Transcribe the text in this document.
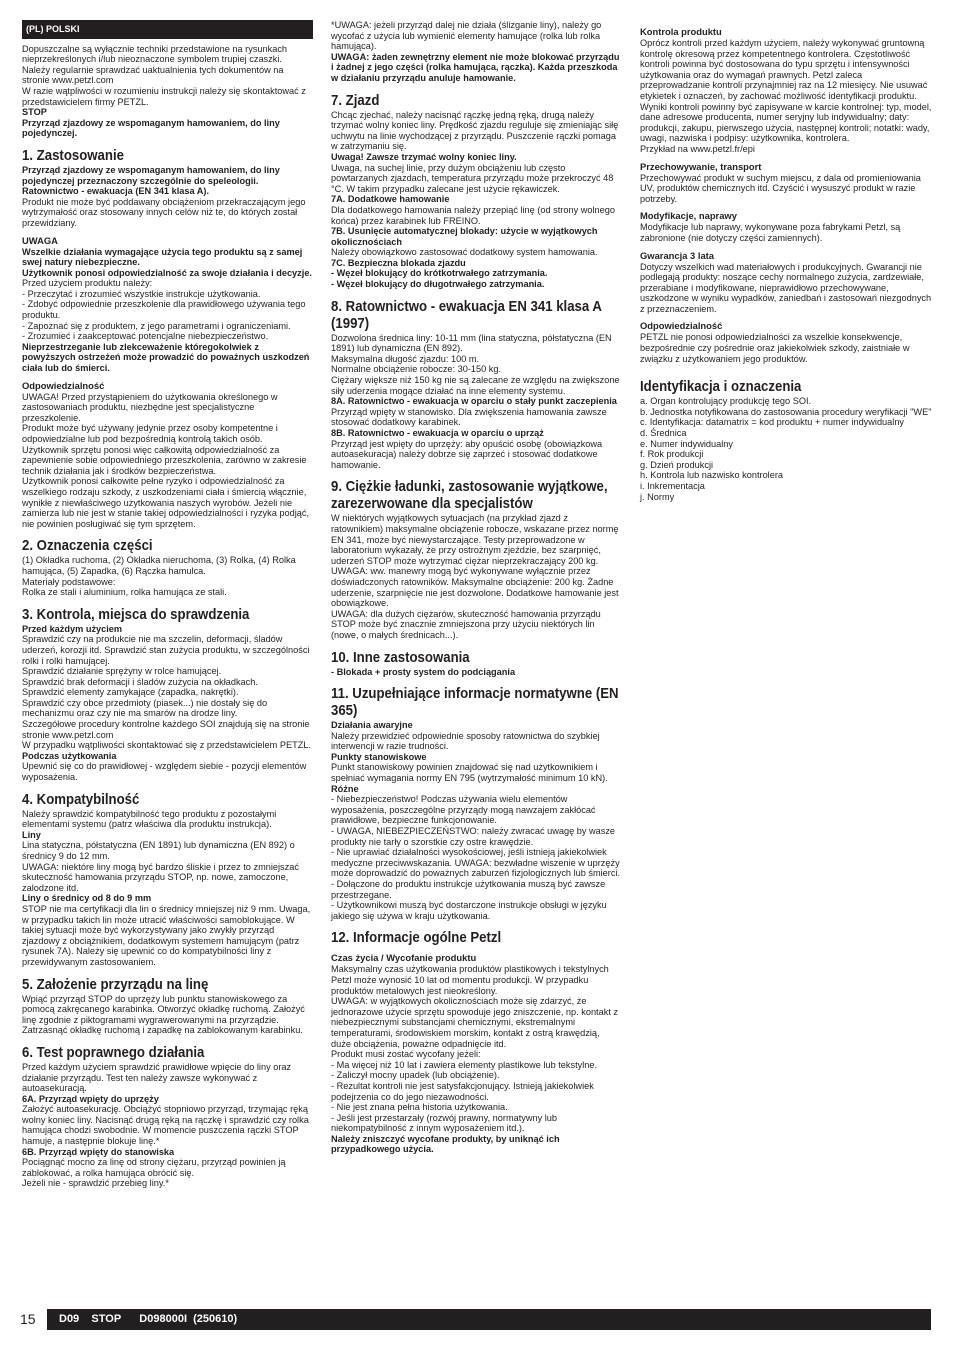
(PL) POLSKI

Dopuszczalne są wyłącznie techniki przedstawione na rysunkach nieprzekreślonych i/lub nieoznaczone symbolem trupiej czaszki.

Należy regularnie sprawdzać uaktualnienia tych dokumentów na stronie www.petzl.com

W razie wątpliwości w rozumieniu instrukcji należy się skontaktować z przedstawicielem firmy PETZL.

STOP

Przyrząd zjazdowy ze wspomaganym hamowaniem, do liny pojedynczej.

1. Zastosowanie

Przyrząd zjazdowy ze wspomaganym hamowaniem, do liny pojedynczej przeznaczony szczególnie do speleologii.

Ratownictwo - ewakuacja (EN 341 klasa A).

Produkt nie może być poddawany obciążeniom przekraczającym jego wytrzymałość oraz stosowany innych celów niż te, do których został przewidziany.

UWAGA

Wszelkie działania wymagające użycia tego produktu są z samej swej natury niebezpieczne.

Użytkownik ponosi odpowiedzialność za swoje działania i decyzje.

Przed użyciem produktu należy:

- Przeczytać i zrozumieć wszystkie instrukcje użytkowania.

- Zdobyć odpowiednie przeszkolenie dla prawidłowego używania tego produktu.

- Zapoznać się z produktem, z jego parametrami i ograniczeniami.

- Zrozumieć i zaakceptować potencjalne niebezpieczeństwo.

Nieprzestrzeganie lub zlekceważenie któregokolwiek z powyższych ostrzeżeń może prowadzić do poważnych uszkodzeń ciała lub do śmierci.

Odpowiedzialność

UWAGA! Przed przystąpieniem do użytkowania określonego w zastosowaniach produktu, niezbędne jest specjalistyczne przeszkolenie.

Produkt może być używany jedynie przez osoby kompetentne i odpowiedzialne lub pod bezpośrednią kontrolą takich osób.

Użytkownik sprzętu ponosi więc całkowitą odpowiedzialność za zapewnienie sobie odpowiedniego przeszkolenia, zarówno w zakresie technik działania jak i środków bezpieczeństwa.

Użytkownik ponosi całkowite pełne ryzyko i odpowiedzialność za wszelkiego rodzaju szkody, z uszkodzeniami ciała i śmiercią włącznie, wynikłe z niewłaściwego użytkowania naszych wyrobów. Jeżeli nie zamierza lub nie jest w stanie takiej odpowiedzialności i ryzyka podjąć, nie powinien posługiwać się tym sprzętem.

2. Oznaczenia części

(1) Okładka ruchoma, (2) Okładka nieruchoma, (3) Rolka, (4) Rolka hamująca, (5) Zapadka, (6) Rączka hamulca.

Materiały podstawowe:

Rolka ze stali i aluminium, rolka hamująca ze stali.

3. Kontrola, miejsca do sprawdzenia

Przed każdym użyciem

Sprawdzić czy na produkcie nie ma szczelin, deformacji, śladów uderzeń, korozji itd. Sprawdzić stan zużycia produktu, w szczególności rolki i rolki hamującej.

Sprawdzić działanie sprężyny w rolce hamującej.

Sprawdzić brak deformacji i śladów zużycia na okładkach.

Sprawdzić elementy zamykające (zapadka, nakrętki).

Sprawdzić czy obce przedmioty (piasek...) nie dostały się do mechanizmu oraz czy nie ma smarów na drodze liny.

Szczegółowe procedury kontrolne każdego SOI znajdują się na stronie stronie www.petzl.com

W przypadku wątpliwości skontaktować się z przedstawicielem PETZL.

Podczas użytkowania

Upewnić się co do prawidłowej - względem siebie - pozycji elementów wyposażenia.

4. Kompatybilność

Należy sprawdzić kompatybilność tego produktu z pozostałymi elementami systemu (patrz właściwa dla produktu instrukcja).

Liny

Lina statyczna, półstatyczna (EN 1891) lub dynamiczna (EN 892) o średnicy 9 do 12 mm.

UWAGA: niektóre liny mogą być bardzo śliskie i przez to zmniejszać skuteczność hamowania przyrządu STOP, np. nowe, zamoczone, zalodzone itd.

Liny o średnicy od 8 do 9 mm

STOP nie ma certyfikacji dla lin o średnicy mniejszej niż 9 mm. Uwaga, w przypadku takich lin może utracić właściwości samoblokujące. W takiej sytuacji może być wykorzystywany jako zwykły przyrząd zjazdowy z obciążnikiem, dodatkowym systemem hamującym (patrz rysunek 7A). Należy się upewnić co do kompatybilności liny z przewidywanym zastosowaniem.

5. Założenie przyrządu na linę

Wpiąć przyrząd STOP do uprzęży lub punktu stanowiskowego za pomocą zakręcanego karabinka. Otworzyć okładkę ruchomą. Założyć linę zgodnie z piktogramami wygrawerowanymi na przyrządzie. Zatrzasnąć okładkę ruchomą i zapadkę na zablokowanym karabinku.

6. Test poprawnego działania

Przed każdym użyciem sprawdzić prawidłowe wpięcie do liny oraz działanie przyrządu. Test ten należy zawsze wykonywać z autoasekuracją.

6A. Przyrząd wpięty do uprzęży

Założyć autoasekurację. Obciążyć stopniowo przyrząd, trzymając ręką wolny koniec liny. Nacisnąć drugą ręką na rączkę i sprawdzić czy rolka hamująca chodzi swobodnie. W momencie puszczenia rączki STOP hamuje, a następnie blokuje linę.*

6B. Przyrząd wpięty do stanowiska

Pociągnąć mocno za linę od strony ciężaru, przyrząd powinien ją zablokować, a rolka hamująca obrócić się.

Jeżeli nie - sprawdzić przebieg liny.*

*UWAGA: jeżeli przyrząd dalej nie działa (ślizganie liny), należy go wycofać z użycia lub wymienić elementy hamujące (rolka lub rolka hamująca).

UWAGA: żaden zewnętrzny element nie może blokować przyrządu i żadnej z jego części (rolka hamująca, rączka). Każda przeszkoda w działaniu przyrządu anuluje hamowanie.

7. Zjazd

Chcąc zjechać, należy nacisnąć rączkę jedną ręką, drugą należy trzymać wolny koniec liny. Prędkość zjazdu reguluje się zmieniając siłę uchwytu na linie wychodzącej z przyrządu. Puszczenie rączki pomaga w zatrzymaniu się.

Uwaga! Zawsze trzymać wolny koniec liny.

Uwaga, na suchej linie, przy dużym obciążeniu lub często powtarzanych zjazdach, temperatura przyrządu może przekroczyć 48 °C. W takim przypadku zalecane jest użycie rękawiczek.

7A. Dodatkowe hamowanie

Dla dodatkowego hamowania należy przepiąć linę (od strony wolnego końca) przez karabinek lub FREINO.

7B. Usunięcie automatycznej blokady: użycie w wyjątkowych okolicznościach

Należy obowiązkowo zastosować dodatkowy system hamowania.

7C. Bezpieczna blokada zjazdu

- Węzeł blokujący do krótkotrwałego zatrzymania.

- Węzeł blokujący do długotrwałego zatrzymania.

8. Ratownictwo - ewakuacja EN 341 klasa A (1997)

Dozwolona średnica liny: 10-11 mm (lina statyczna, półstatyczna (EN 1891) lub dynamiczna (EN 892).

Maksymalna długość zjazdu: 100 m.

Normalne obciążenie robocze: 30-150 kg.

Ciężary większe niż 150 kg nie są zalecane ze względu na zwiększone siły uderzenia mogące działać na inne elementy systemu.

8A. Ratownictwo - ewakuacja w oparciu o stały punkt zaczepienia

Przyrząd wpięty w stanowisko. Dla zwiększenia hamowania zawsze stosować dodatkowy karabinek.

8B. Ratownictwo - ewakuacja w oparciu o uprząż

Przyrząd jest wpięty do uprzęży: aby opuścić osobę (obowiązkowa autoasekuracja) należy dobrze się zaprzeć i stosować dodatkowe hamowanie.

9. Ciężkie ładunki, zastosowanie wyjątkowe, zarezerwowane dla specjalistów

W niektórych wyjątkowych sytuacjach (na przykład zjazd z ratownikiem) maksymalne obciążenie robocze, wskazane przez normę EN 341, może być niewystarczające. Testy przeprowadzone w laboratorium wykazały, że przy ostrożnym zjeździe, bez szarpnięć, uderzeń STOP może wytrzymać ciężar nieprzekraczający 200 kg.

UWAGA: ww. manewry mogą być wykonywane wyłącznie przez doświadczonych ratowników. Maksymalne obciążenie: 200 kg. Żadne uderzenie, szarpnięcie nie jest dozwolone. Dodatkowe hamowanie jest obowiązkowe.

UWAGA: dla dużych ciężarów, skuteczność hamowania przyrządu STOP może być znacznie zmniejszona przy użyciu niektórych lin (nowe, o małych średnicach...).

10. Inne zastosowania

- Blokada + prosty system do podciągania

11. Uzupełniające informacje normatywne (EN 365)

Działania awaryjne

Należy przewidzieć odpowiednie sposoby ratownictwa do szybkiej interwencji w razie trudności.

Punkty stanowiskowe

Punkt stanowiskowy powinien znajdować się nad użytkownikiem i spełniać wymagania normy EN 795 (wytrzymałość minimum 10 kN).

Różne

- Niebezpieczeństwo! Podczas używania wielu elementów wyposażenia, poszczególne przyrządy mogą nawzajem zakłócać prawidłowe, bezpieczne funkcjonowanie.

- UWAGA, NIEBEZPIECZEŃSTWO: należy zwracać uwagę by wasze produkty nie tarły o szorstkie czy ostre krawędzie.

- Nie uprawiać działalności wysokościowej, jeśli istnieją jakiekolwiek medyczne przeciwwskazania. UWAGA: bezwładne wiszenie w uprzęży może doprowadzić do poważnych zaburzeń fizjologicznych lub śmierci.

- Dołączone do produktu instrukcje użytkowania muszą być zawsze przestrzegane.

- Użytkownikowi muszą być dostarczone instrukcje obsługi w języku jakiego się używa w kraju użytkowania.

12. Informacje ogólne Petzl
Czas życia / Wycofanie produktu

Maksymalny czas użytkowania produktów plastikowych i tekstylnych Petzl może wynosić 10 lat od momentu produkcji. W przypadku produktów metalowych jest nieokreślony.

UWAGA: w wyjątkowych okolicznościach może się zdarzyć, że jednorazowe użycie sprzętu spowoduje jego zniszczenie, np. kontakt z niebezpiecznymi substancjami chemicznymi, ekstremalnymi temperaturami, środowiskiem morskim, kontakt z ostrą krawędzią, duże obciążenia, poważne odpadnięcie itd.

Produkt musi zostać wycofany jeżeli:

- Ma więcej niż 10 lat i zawiera elementy plastikowe lub tekstylne.

- Zaliczył mocny upadek (lub obciążenie).

- Rezultat kontroli nie jest satysfakcjonujący. Istnieją jakiekolwiek podejrzenia co do jego niezawodności.

- Nie jest znana pełna historia użytkowania.

- Jeśli jest przestarzały (rozwój prawny, normatywny lub niekompatybilność z innym wyposażeniem itd.).

Należy zniszczyć wycofane produkty, by uniknąć ich przypadkowego użycia.

Kontrola produktu

Oprócz kontroli przed każdym użyciem, należy wykonywać gruntowną kontrolę okresową przez kompetentnego kontrolera. Częstotliwość kontroli powinna być dostosowana do typu sprzętu i intensywności użytkowania oraz do wymagań prawnych. Petzl zaleca przeprowadzanie kontroli przynajmniej raz na 12 miesięcy. Nie usuwać etykietek i oznaczeń, by zachować możliwość identyfikacji produktu.

Wyniki kontroli powinny być zapisywane w karcie kontrolnej: typ, model, dane adresowe producenta, numer seryjny lub indywidualny; daty: produkcji, zakupu, pierwszego użycia, następnej kontroli; notatki: wady, uwagi, nazwiska i podpisy: użytkownika, kontrolera.

Przykład na www.petzl.fr/epi

Przechowywanie, transport

Przechowywać produkt w suchym miejscu, z dala od promieniowania UV, produktów chemicznych itd. Czyścić i wysuszyć produkt w razie potrzeby.

Modyfikacje, naprawy

Modyfikacje lub naprawy, wykonywane poza fabrykami Petzl, są zabronione (nie dotyczy części zamiennych).

Gwarancja 3 lata

Dotyczy wszelkich wad materiałowych i produkcyjnych. Gwarancji nie podlegają produkty: noszące cechy normalnego zużycia, zardzewiałe, przerabiane i modyfikowane, nieprawidłowo przechowywane, uszkodzone w wyniku wypadków, zaniedbań i zastosowań niezgodnych z przeznaczeniem.

Odpowiedzialność

PETZL nie ponosi odpowiedzialności za wszelkie konsekwencje, bezpośrednie czy pośrednie oraz jakiekolwiek szkody, zaistniałe w związku z użytkowaniem jego produktów.

Identyfikacja i oznaczenia

a. Organ kontrolujący produkcję tego SOI.

b. Jednostka notyfikowana do zastosowania procedury weryfikacji "WE"

c. Identyfikacja: datamatrix = kod produktu + numer indywidualny

d. Średnica

e. Numer indywidualny

f. Rok produkcji

g. Dzień produkcji

h. Kontrola lub nazwisko kontrolera

i. Inkrementacja

j. Normy

15	D09    STOP      D098000I  (250610)
